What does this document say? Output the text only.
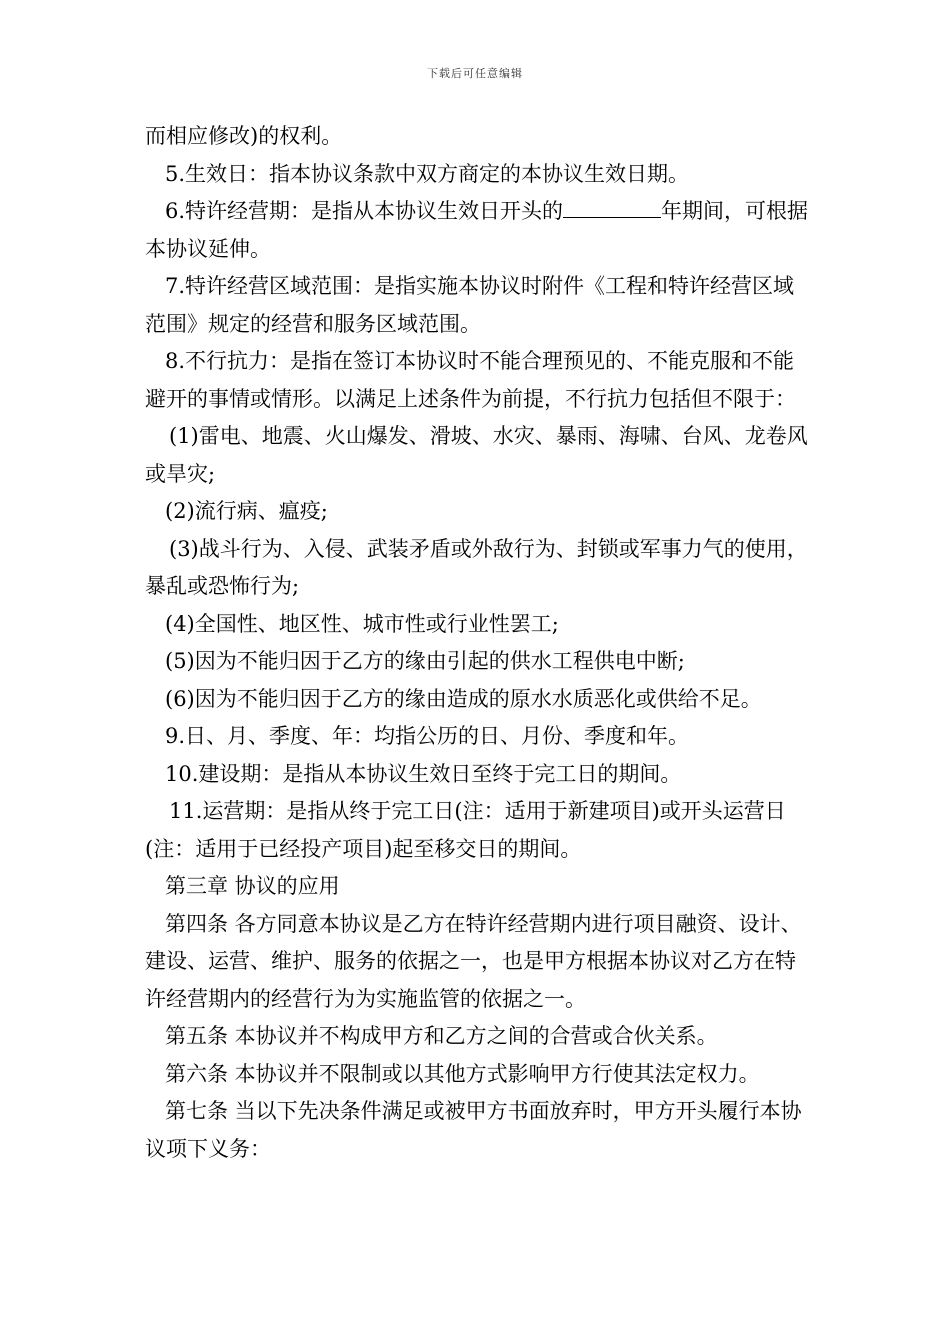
下载后可任意编辑

而相应修改)的权利。

5.生效日：指本协议条款中双方商定的本协议生效日期。

6.特许经营期：是指从本协议生效日开头的	年期间，可根据本协议延伸。

7.特许经营区域范围：是指实施本协议时附件《工程和特许经营区域范围》规定的经营和服务区域范围。

8.不行抗力：是指在签订本协议时不能合理预见的、不能克服和不能避开的事情或情形。以满足上述条件为前提，不行抗力包括但不限于：

(1)雷电、地震、火山爆发、滑坡、水灾、暴雨、海啸、台风、龙卷风或旱灾;

(2)流行病、瘟疫;

(3)战斗行为、入侵、武装矛盾或外敌行为、封锁或军事力气的使用，暴乱或恐怖行为;

(4)全国性、地区性、城市性或行业性罢工;

(5)因为不能归因于乙方的缘由引起的供水工程供电中断;

(6)因为不能归因于乙方的缘由造成的原水水质恶化或供给不足。

9.日、月、季度、年：均指公历的日、月份、季度和年。

10.建设期：是指从本协议生效日至终于完工日的期间。

11.运营期：是指从终于完工日(注：适用于新建项目)或开头运营日(注：适用于已经投产项目)起至移交日的期间。

第三章 协议的应用

第四条 各方同意本协议是乙方在特许经营期内进行项目融资、设计、建设、运营、维护、服务的依据之一，也是甲方根据本协议对乙方在特许经营期内的经营行为为实施监管的依据之一。

第五条 本协议并不构成甲方和乙方之间的合营或合伙关系。

第六条 本协议并不限制或以其他方式影响甲方行使其法定权力。

第七条 当以下先决条件满足或被甲方书面放弃时，甲方开头履行本协议项下义务：
